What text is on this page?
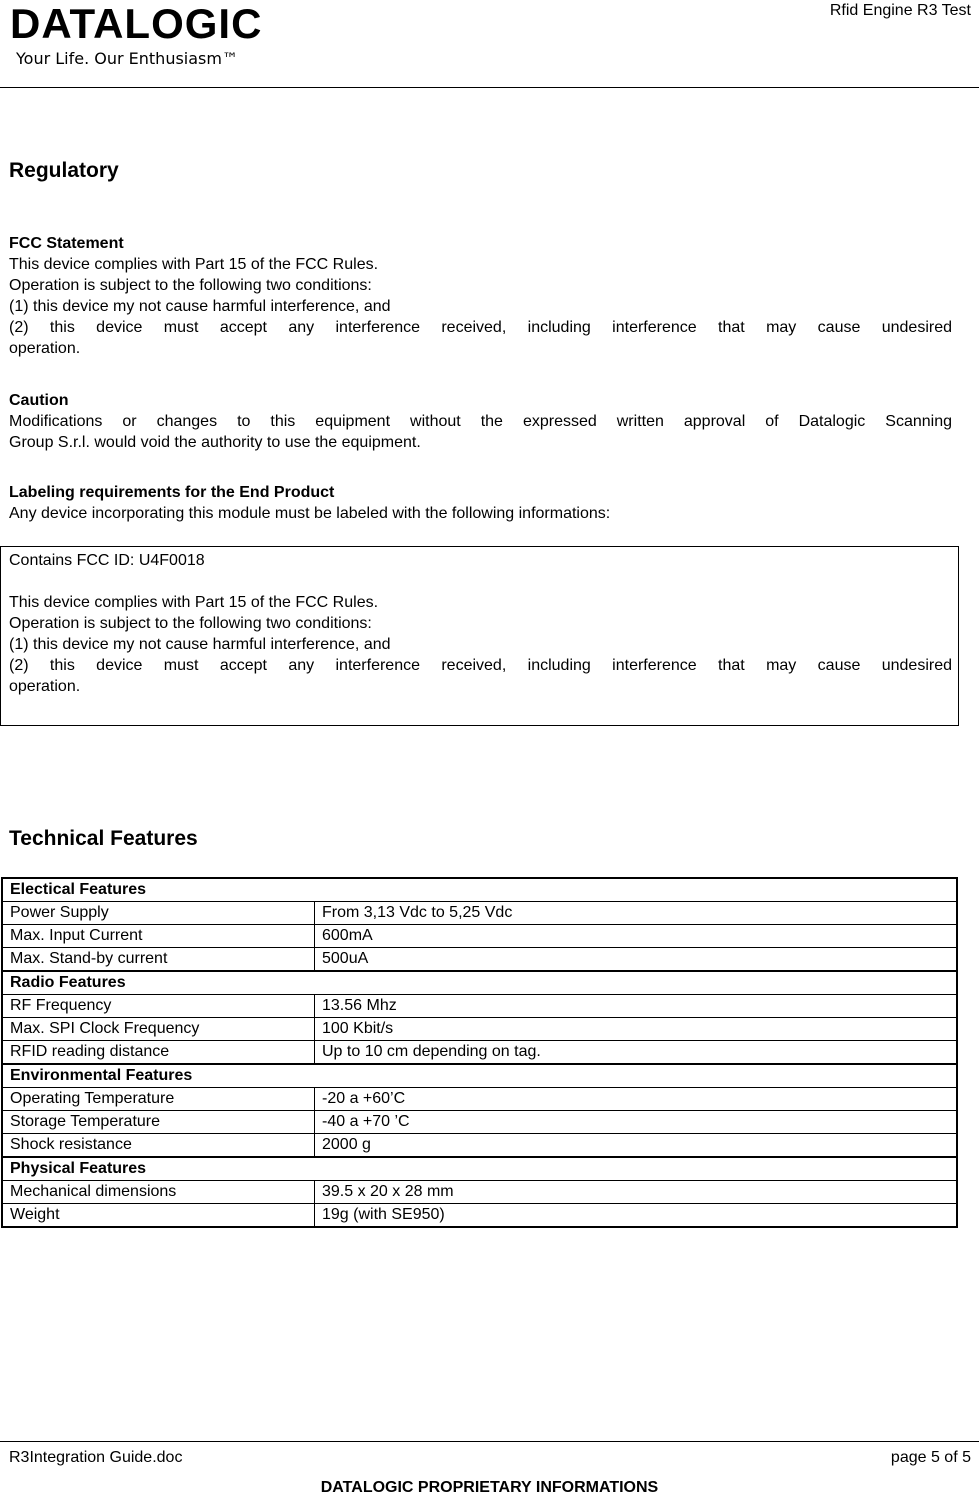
DATALOGIC
Your Life. Our Enthusiasm™
Rfid Engine R3 Test
Regulatory

FCC Statement

This device complies with Part 15 of the FCC Rules.

Operation is subject to the following two conditions:

(1) this device my not cause harmful interference, and

(2) this device must accept any interference received, including interference that may cause undesired

operation.

Caution

Modifications or changes to this equipment without the expressed written approval of Datalogic Scanning

Group S.r.l. would void the authority to use the equipment.

Labeling requirements for the End Product

Any device incorporating this module must be labeled with the following informations:

Contains FCC ID: U4F0018

This device complies with Part 15 of the FCC Rules.

Operation is subject to the following two conditions:

(1) this device my not cause harmful interference, and

(2) this device must accept any interference received, including interference that may cause undesired

operation.

Technical Features
Electical Features	
Power Supply	From 3,13 Vdc to 5,25 Vdc
Max. Input Current	600mA
Max. Stand-by current	500uA
Radio Features	
RF Frequency	13.56 Mhz
Max. SPI Clock Frequency	100 Kbit/s
RFID reading distance	Up to 10 cm depending on tag.
Environmental Features	
Operating Temperature	-20 a +60’C
Storage Temperature	-40 a +70 ’C
Shock resistance	2000 g
Physical Features	
Mechanical dimensions	39.5 x 20 x 28 mm
Weight	19g (with SE950)
R3Integration Guide.doc	page 5 of 5
DATALOGIC PROPRIETARY INFORMATIONS
